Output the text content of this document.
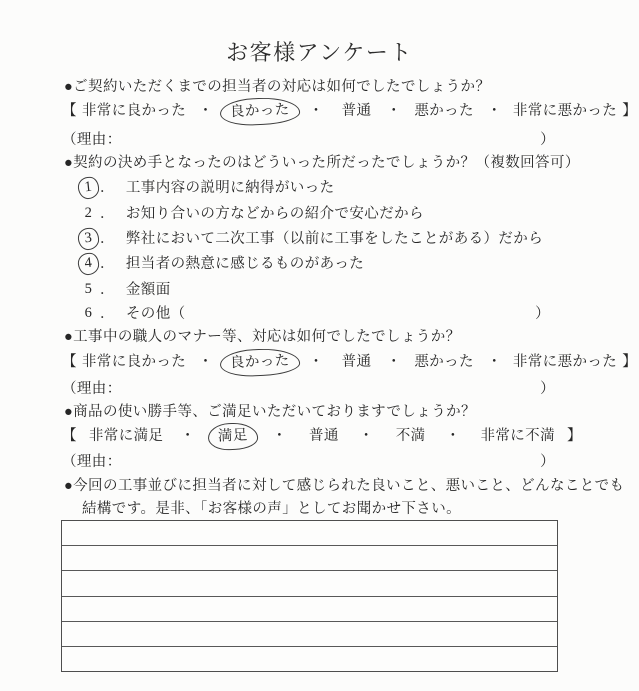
お客様アンケート
●ご契約いただくまでの担当者の対応は如何でしたでしょうか？
【 非常に良かった ・	良かった	・ 普通 ・ 悪かった ・ 非常に悪かった 】
（理由：	）
●契約の決め手となったのはどういった所だったでしょうか？（複数回答可）
1 ． 工事内容の説明に納得がいった
2 ． お知り合いの方などからの紹介で安心だから
3 ． 弊社において二次工事（以前に工事をしたことがある）だから
4 ． 担当者の熱意に感じるものがあった
5 ． 金額面
6 ． その他（	）
●工事中の職人のマナー等、対応は如何でしたでしょうか？
【 非常に良かった ・	良かった	・ 普通 ・ 悪かった ・ 非常に悪かった 】
（理由：	）
●商品の使い勝手等、ご満足いただいておりますでしょうか？
【 非常に満足 ・	満足	・ 普通 ・ 不満 ・ 非常に不満 】
（理由：	）
●今回の工事並びに担当者に対して感じられた良いこと、悪いこと、どんなことでも
結構です。是非、「お客様の声」としてお聞かせ下さい。
